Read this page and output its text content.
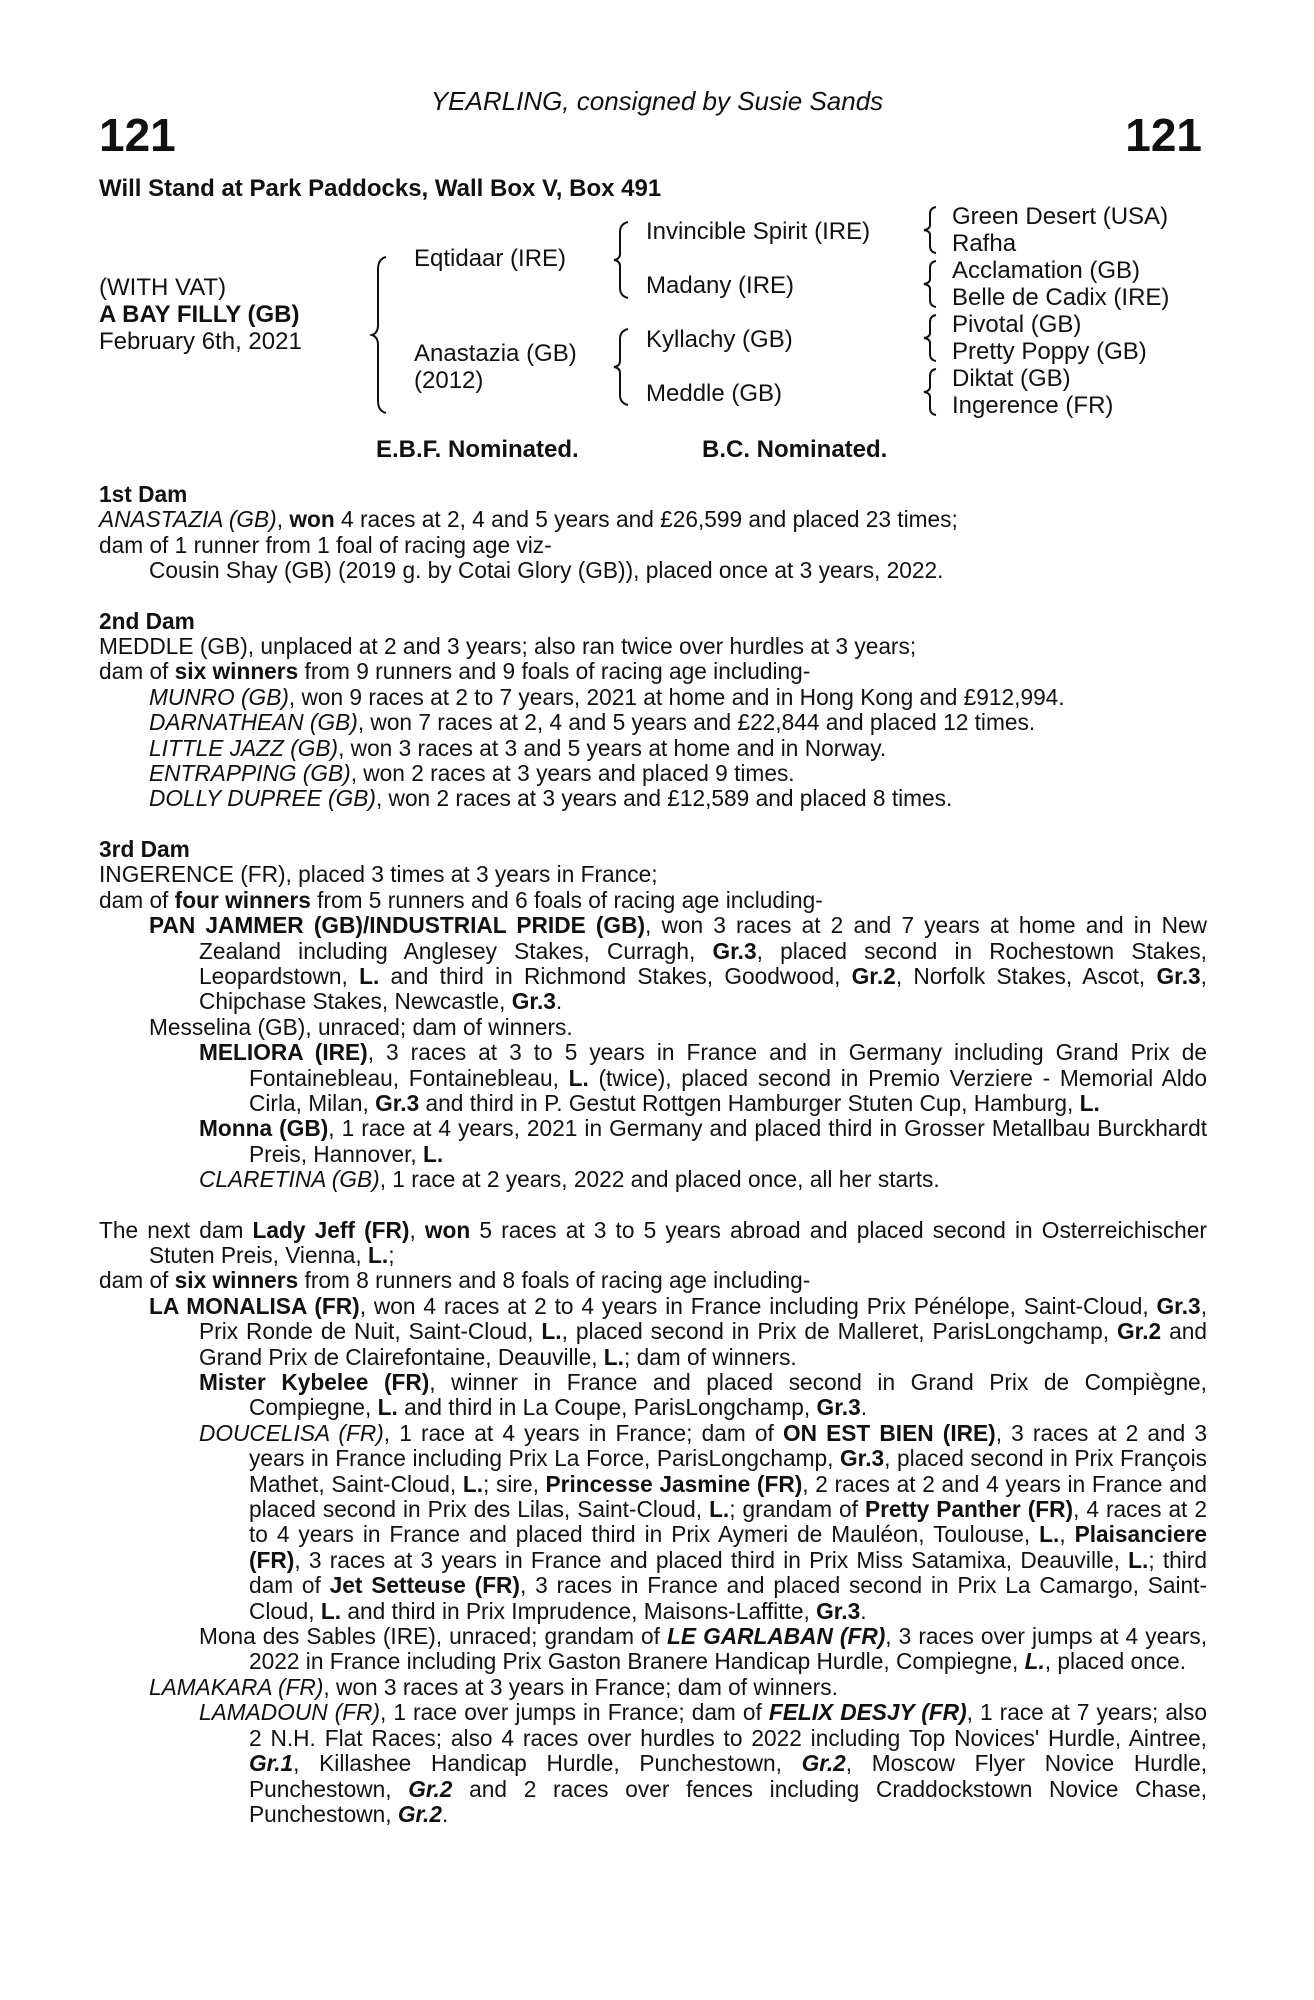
YEARLING, consigned by Susie Sands
121	121
Will Stand at Park Paddocks, Wall Box V, Box 491
(WITH VAT)
A BAY FILLY (GB)
February 6th, 2021
Eqtidaar (IRE)
Anastazia (GB)
(2012)
Invincible Spirit (IRE)
Madany (IRE)
Kyllachy (GB)
Meddle (GB)
Green Desert (USA)
Rafha
Acclamation (GB)
Belle de Cadix (IRE)
Pivotal (GB)
Pretty Poppy (GB)
Diktat (GB)
Ingerence (FR)
E.B.F. Nominated.	B.C. Nominated.
1st Dam
ANASTAZIA (GB), won 4 races at 2, 4 and 5 years and £26,599 and placed 23 times;
dam of 1 runner from 1 foal of racing age viz-
Cousin Shay (GB) (2019 g. by Cotai Glory (GB)), placed once at 3 years, 2022.
2nd Dam
MEDDLE (GB), unplaced at 2 and 3 years; also ran twice over hurdles at 3 years;
dam of six winners from 9 runners and 9 foals of racing age including-
MUNRO (GB), won 9 races at 2 to 7 years, 2021 at home and in Hong Kong and £912,994.
DARNATHEAN (GB), won 7 races at 2, 4 and 5 years and £22,844 and placed 12 times.
LITTLE JAZZ (GB), won 3 races at 3 and 5 years at home and in Norway.
ENTRAPPING (GB), won 2 races at 3 years and placed 9 times.
DOLLY DUPREE (GB), won 2 races at 3 years and £12,589 and placed 8 times.
3rd Dam
INGERENCE (FR), placed 3 times at 3 years in France;
dam of four winners from 5 runners and 6 foals of racing age including-
PAN JAMMER (GB)/INDUSTRIAL PRIDE (GB), won 3 races at 2 and 7 years at home and in New Zealand including Anglesey Stakes, Curragh, Gr.3, placed second in Rochestown Stakes, Leopardstown, L. and third in Richmond Stakes, Goodwood, Gr.2, Norfolk Stakes, Ascot, Gr.3, Chipchase Stakes, Newcastle, Gr.3.
Messelina (GB), unraced; dam of winners.
MELIORA (IRE), 3 races at 3 to 5 years in France and in Germany including Grand Prix de Fontainebleau, Fontainebleau, L. (twice), placed second in Premio Verziere - Memorial Aldo Cirla, Milan, Gr.3 and third in P. Gestut Rottgen Hamburger Stuten Cup, Hamburg, L.
Monna (GB), 1 race at 4 years, 2021 in Germany and placed third in Grosser Metallbau Burckhardt Preis, Hannover, L.
CLARETINA (GB), 1 race at 2 years, 2022 and placed once, all her starts.
The next dam Lady Jeff (FR), won 5 races at 3 to 5 years abroad and placed second in Osterreichischer Stuten Preis, Vienna, L.;
dam of six winners from 8 runners and 8 foals of racing age including-
LA MONALISA (FR), won 4 races at 2 to 4 years in France including Prix Pénélope, Saint-Cloud, Gr.3, Prix Ronde de Nuit, Saint-Cloud, L., placed second in Prix de Malleret, ParisLongchamp, Gr.2 and Grand Prix de Clairefontaine, Deauville, L.; dam of winners.
Mister Kybelee (FR), winner in France and placed second in Grand Prix de Compiègne, Compiegne, L. and third in La Coupe, ParisLongchamp, Gr.3.
DOUCELISA (FR), 1 race at 4 years in France; dam of ON EST BIEN (IRE), 3 races at 2 and 3 years in France including Prix La Force, ParisLongchamp, Gr.3, placed second in Prix François Mathet, Saint-Cloud, L.; sire, Princesse Jasmine (FR), 2 races at 2 and 4 years in France and placed second in Prix des Lilas, Saint-Cloud, L.; grandam of Pretty Panther (FR), 4 races at 2 to 4 years in France and placed third in Prix Aymeri de Mauléon, Toulouse, L., Plaisanciere (FR), 3 races at 3 years in France and placed third in Prix Miss Satamixa, Deauville, L.; third dam of Jet Setteuse (FR), 3 races in France and placed second in Prix La Camargo, Saint-Cloud, L. and third in Prix Imprudence, Maisons-Laffitte, Gr.3.
Mona des Sables (IRE), unraced; grandam of LE GARLABAN (FR), 3 races over jumps at 4 years, 2022 in France including Prix Gaston Branere Handicap Hurdle, Compiegne, L., placed once.
LAMAKARA (FR), won 3 races at 3 years in France; dam of winners.
LAMADOUN (FR), 1 race over jumps in France; dam of FELIX DESJY (FR), 1 race at 7 years; also 2 N.H. Flat Races; also 4 races over hurdles to 2022 including Top Novices' Hurdle, Aintree, Gr.1, Killashee Handicap Hurdle, Punchestown, Gr.2, Moscow Flyer Novice Hurdle, Punchestown, Gr.2 and 2 races over fences including Craddockstown Novice Chase, Punchestown, Gr.2.
